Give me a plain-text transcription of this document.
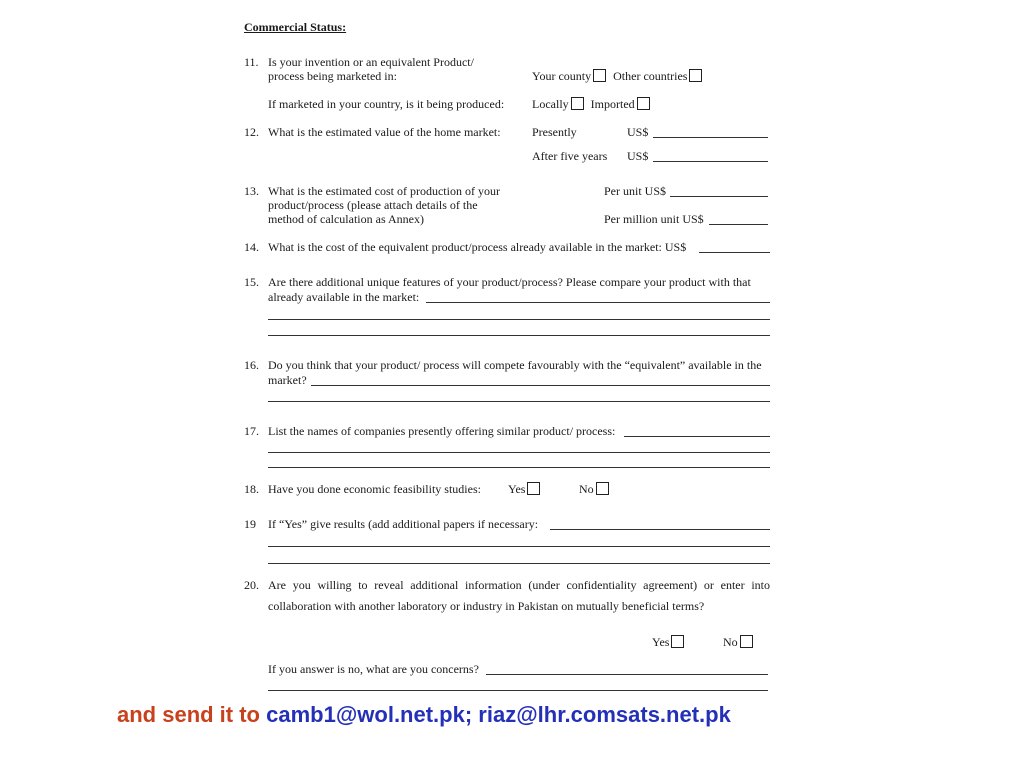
Commercial Status:
11. Is your invention or an equivalent Product/
process being marketed in:	Your county Other countries
If marketed in your country, is it being produced: Locally Imported
12. What is the estimated value of the home market:	Presently	US$
After five years US$
13. What is the estimated cost of production of your
product/process (please attach details of the
method of calculation as Annex)
Per unit US$
Per million unit US$
14. What is the cost of the equivalent product/process already available in the market: US$
15. Are there additional unique features of your product/process? Please compare your product with that
already available in the market:
16. Do you think that your product/ process will compete favourably with the “equivalent” available in the
market?
17. List the names of companies presently offering similar product/ process:
18. Have you done economic feasibility studies: Yes	No
19 If “Yes” give results (add additional papers if necessary:
20. Are you willing to reveal additional information (under confidentiality agreement) or enter into
collaboration with another laboratory or industry in Pakistan on mutually beneficial terms?
Yes	No
If you answer is no, what are you concerns?
and send it to camb1@wol.net.pk; riaz@lhr.comsats.net.pk
